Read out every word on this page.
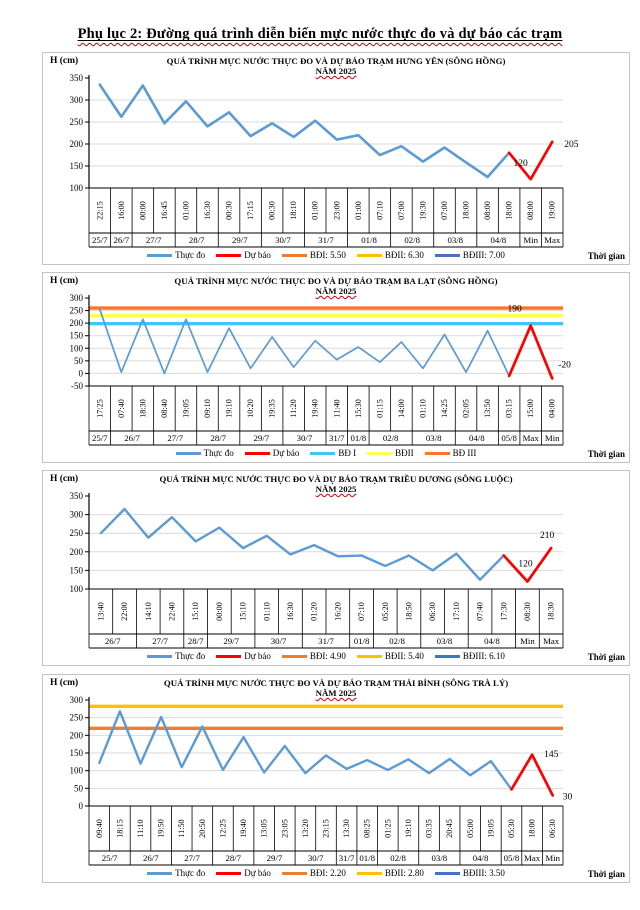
Phụ lục 2: Đường quá trình diễn biến mực nước thực đo và dự báo các trạm
QUÁ TRÌNH MỰC NƯỚC THỰC ĐO VÀ DỰ BÁO TRẠM HƯNG YÊN (SÔNG HỒNG)
NĂM 2025
H (cm)
100
150
200
250
300
350
22:15 16:00 00:00 16:45 01:00 16:30 00:30 17:15 00:30 18:10 01:00 23:00 01:00 07:10 07:00 19:30 07:00 18:00 08:00 18:00 08:00 19:00
25/7 26/7 27/7	28/7	29/7	30/7	31/7	01/8	02/8	03/8	04/8 Min Max
120
205
Thực đo	Dự báo	BĐI: 5.50	BĐII: 6.30	BĐIII: 7.00	Thời gian
QUÁ TRÌNH MỰC NƯỚC THỰC ĐO VÀ DỰ BÁO TRẠM BA LẠT (SÔNG HỒNG)
NĂM 2025
H (cm)
-50
0
50
100
150
200
250
300
17:25 07:40 18:30 08:40 19:05 09:10 19:10 10:20 19:35 11:20 19:40 11:40 15:30 01:15 14:00 01:10 14:25 02:05 13:50 03:15 15:00 04:00
25/7 26/7	27/7	28/7	29/7	30/7 31/7 01/8 02/8	03/8	04/8 05/8 Max Min
190
-20
Thực đo	Dự báo	BĐ I	BĐII	BĐ III	Thời gian
QUÁ TRÌNH MỰC NƯỚC THỰC ĐO VÀ DỰ BÁO TRẠM TRIỀU DƯƠNG (SÔNG LUỘC)
NĂM 2025
H (cm)
100
150
200
250
300
350
13:40 22:00 14:10 22:40 15:10 00:00 15:10 01:10 16:30 01:20 16:20 07:10 05:20 18:50 06:30 17:10 07:40 17:30 08:30 18:30
26/7	27/7 28/7 29/7	30/7	31/7 01/8 02/8	03/8	04/8 Min Max
120
210
Thực đo	Dự báo	BĐI: 4.90	BĐII: 5.40	BĐIII: 6.10	Thời gian
QUÁ TRÌNH MỰC NƯỚC THỰC ĐO VÀ DỰ BÁO TRẠM THÁI BÌNH (SÔNG TRÀ LÝ)
NĂM 2025
H (cm)
0
50
100
150
200
250
300
09:40 18:15 11:10 19:50 11:50 20:50 12:25 19:40 13:05 23:05 13:20 23:15 13:30 08:25 01:25 19:10 03:35 20:45 05:00 19:05 05:30 18:00 06:30
25/7	26/7	27/7	28/7	29/7	30/7 31/7 01/8 02/8	03/8	04/8 05/8 Max Min
145
30
Thực đo	Dự báo	BĐI: 2.20	BĐII: 2.80	BĐIII: 3.50	Thời gian
